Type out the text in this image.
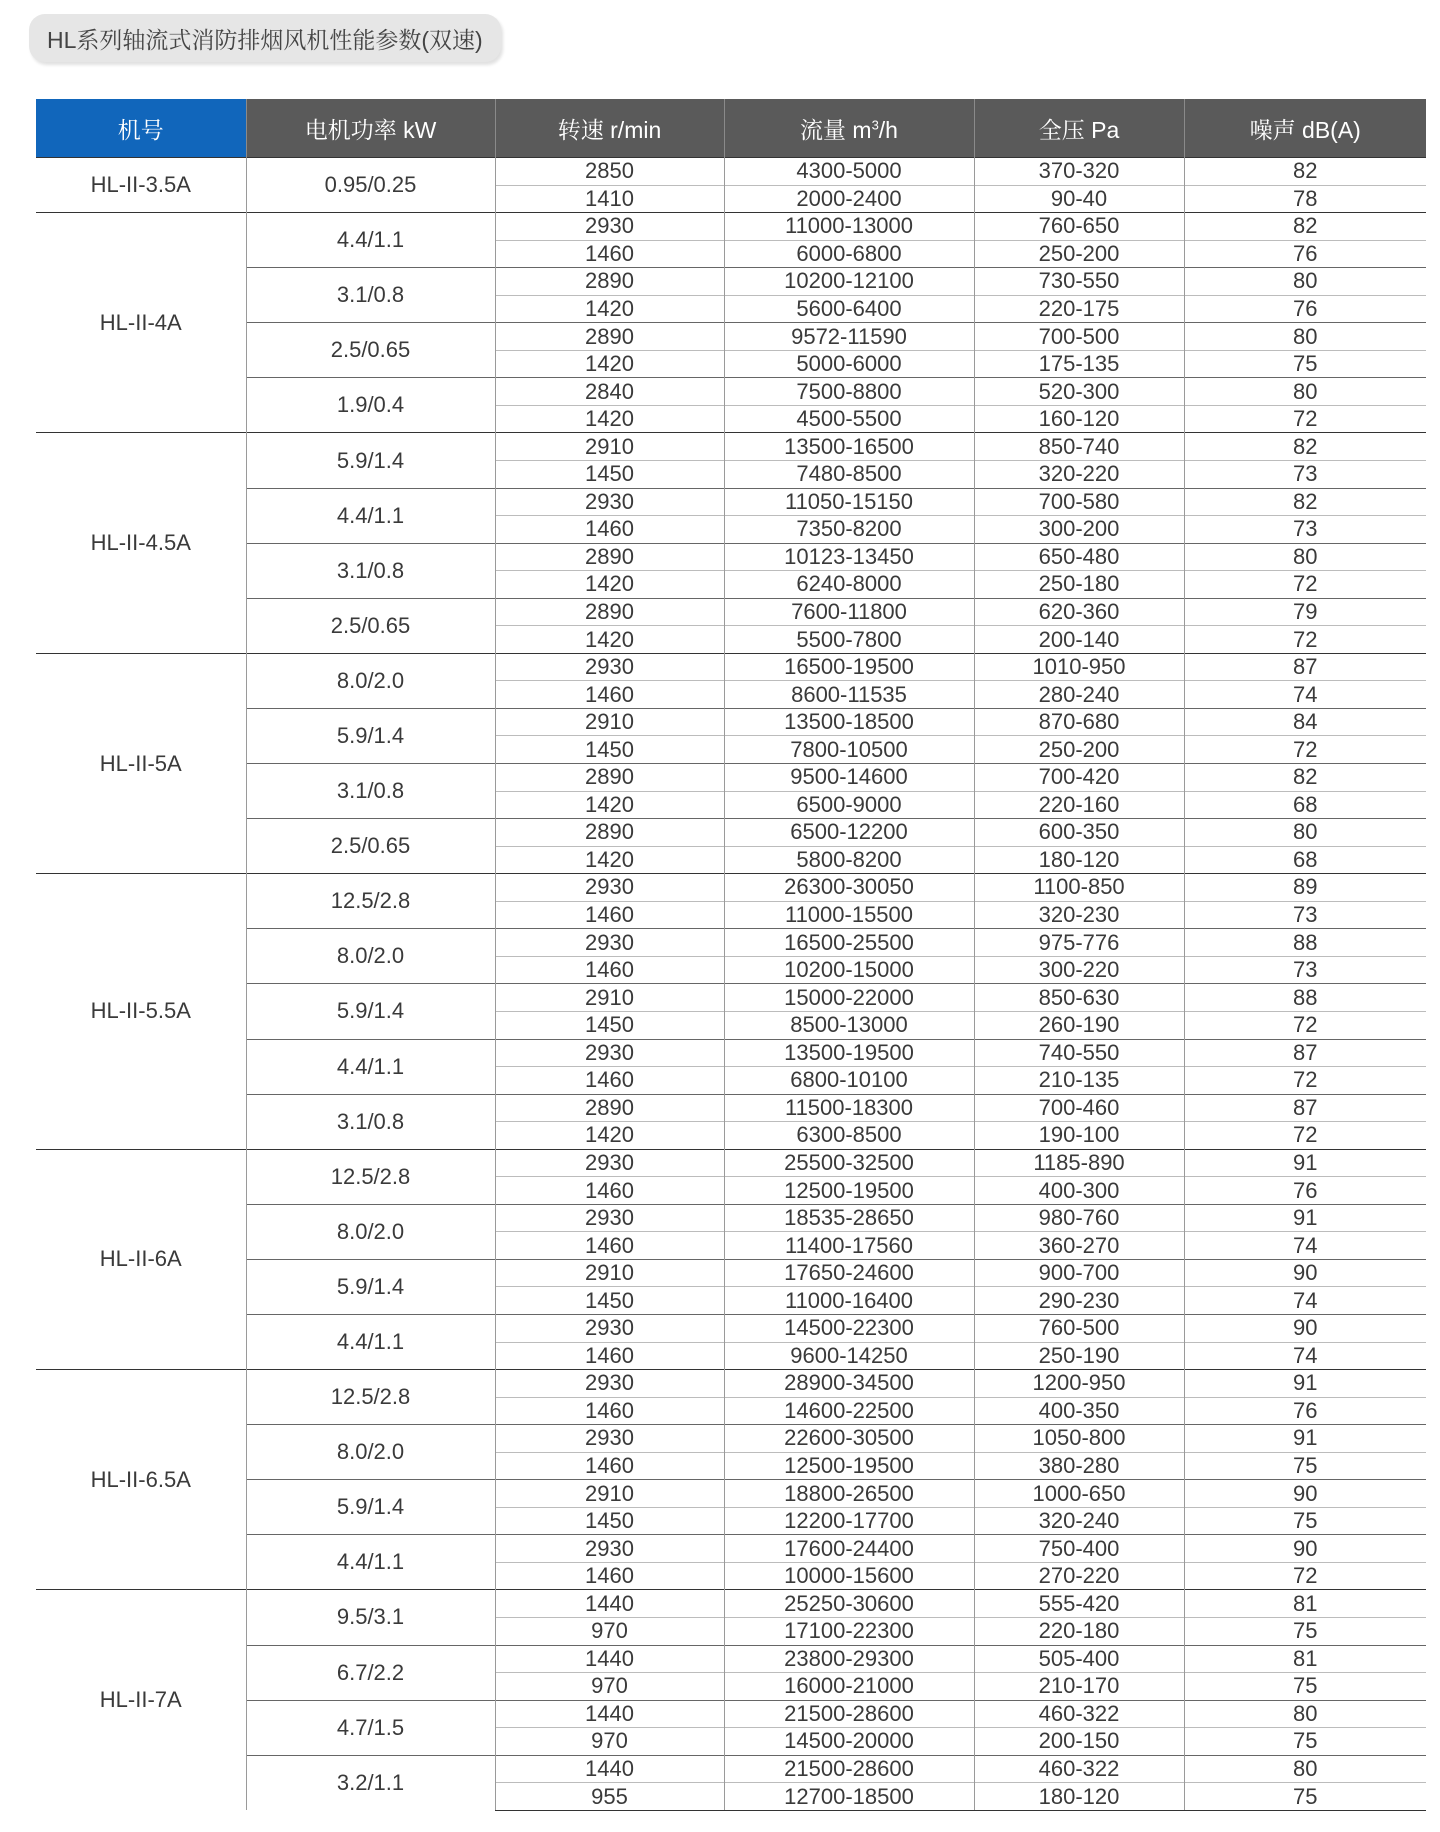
HL系列轴流式消防排烟风机性能参数(双速)
机号	电机功率 kW	转速 r/min	流量 $m^3/h$	全压 Pa	噪声 dB(A)
HL-II-3.5A	0.95/0.25	2850	4300-5000	370-320	82
		1410	2000-2400	90-40	78
HL-II-4A	4.4/1.1	2930	11000-13000	760-650	82
		1460	6000-6800	250-200	76
	3.1/0.8	2890	10200-12100	730-550	80
		1420	5600-6400	220-175	76
	2.5/0.65	2890	9572-11590	700-500	80
		1420	5000-6000	175-135	75
	1.9/0.4	2840	7500-8800	520-300	80
		1420	4500-5500	160-120	72
HL-II-4.5A	5.9/1.4	2910	13500-16500	850-740	82
		1450	7480-8500	320-220	73
	4.4/1.1	2930	11050-15150	700-580	82
		1460	7350-8200	300-200	73
	3.1/0.8	2890	10123-13450	650-480	80
		1420	6240-8000	250-180	72
	2.5/0.65	2890	7600-11800	620-360	79
		1420	5500-7800	200-140	72
HL-II-5A	8.0/2.0	2930	16500-19500	1010-950	87
		1460	8600-11535	280-240	74
	5.9/1.4	2910	13500-18500	870-680	84
		1450	7800-10500	250-200	72
	3.1/0.8	2890	9500-14600	700-420	82
		1420	6500-9000	220-160	68
	2.5/0.65	2890	6500-12200	600-350	80
		1420	5800-8200	180-120	68
HL-II-5.5A	12.5/2.8	2930	26300-30050	1100-850	89
		1460	11000-15500	320-230	73
	8.0/2.0	2930	16500-25500	975-776	88
		1460	10200-15000	300-220	73
	5.9/1.4	2910	15000-22000	850-630	88
		1450	8500-13000	260-190	72
	4.4/1.1	2930	13500-19500	740-550	87
		1460	6800-10100	210-135	72
	3.1/0.8	2890	11500-18300	700-460	87
		1420	6300-8500	190-100	72
HL-II-6A	12.5/2.8	2930	25500-32500	1185-890	91
		1460	12500-19500	400-300	76
	8.0/2.0	2930	18535-28650	980-760	91
		1460	11400-17560	360-270	74
	5.9/1.4	2910	17650-24600	900-700	90
		1450	11000-16400	290-230	74
	4.4/1.1	2930	14500-22300	760-500	90
		1460	9600-14250	250-190	74
HL-II-6.5A	12.5/2.8	2930	28900-34500	1200-950	91
		1460	14600-22500	400-350	76
	8.0/2.0	2930	22600-30500	1050-800	91
		1460	12500-19500	380-280	75
	5.9/1.4	2910	18800-26500	1000-650	90
		1450	12200-17700	320-240	75
	4.4/1.1	2930	17600-24400	750-400	90
		1460	10000-15600	270-220	72
HL-II-7A	9.5/3.1	1440	25250-30600	555-420	81
		970	17100-22300	220-180	75
	6.7/2.2	1440	23800-29300	505-400	81
		970	16000-21000	210-170	75
	4.7/1.5	1440	21500-28600	460-322	80
		970	14500-20000	200-150	75
	3.2/1.1	1440	21500-28600	460-322	80
		955	12700-18500	180-120	75
